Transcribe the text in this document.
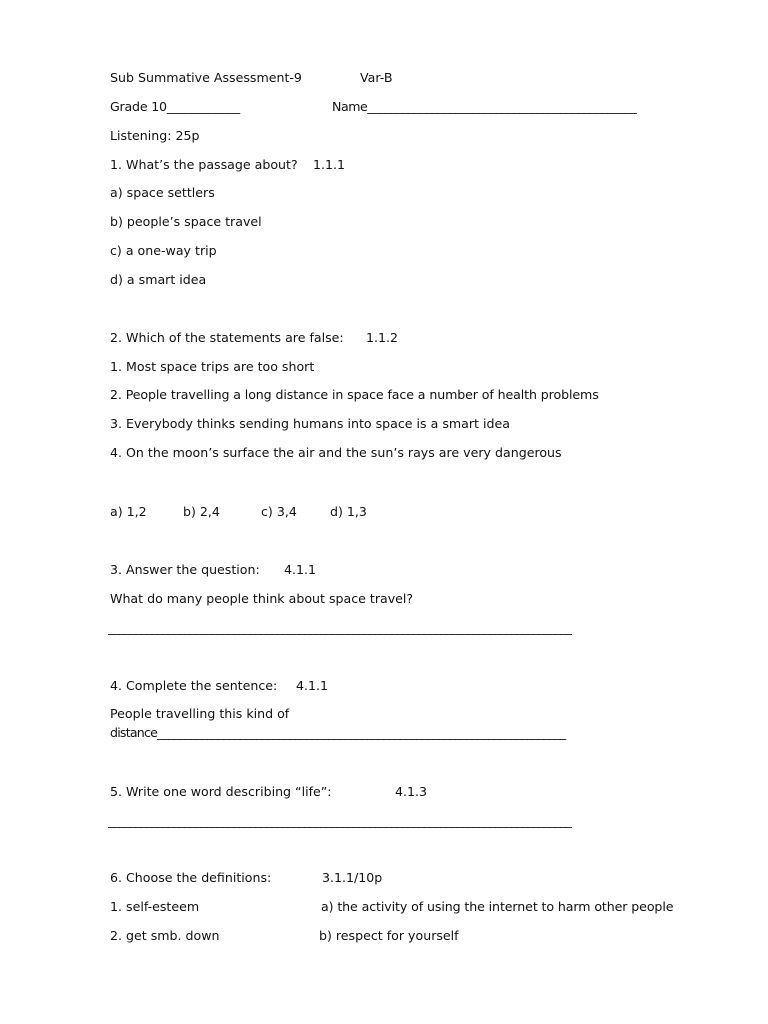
Sub Summative Assessment-9	Var-B
Grade 10____________	Name______________________________________________
Listening: 25p
1. What’s the passage about? 1.1.1
a) space settlers
b) people’s space travel
c) a one-way trip
d) a smart idea
2. Which of the statements are false: 1.1.2
1. Most space trips are too short
2. People travelling a long distance in space face a number of health problems
3. Everybody thinks sending humans into space is a smart idea
4. On the moon’s surface the air and the sun’s rays are very dangerous
a) 1,2	b) 2,4	c) 3,4	d) 1,3
3. Answer the question: 4.1.1
What do many people think about space travel?
_____________________________________________________________________________________
4. Complete the sentence: 4.1.1
People travelling this kind of
distance__________________________________________________________________________
5. Write one word describing “life”:	4.1.3
_____________________________________________________________________________________
6. Choose the definitions:	3.1.1/10p
1. self-esteem	a) the activity of using the internet to harm other people
2. get smb. down	b) respect for yourself
